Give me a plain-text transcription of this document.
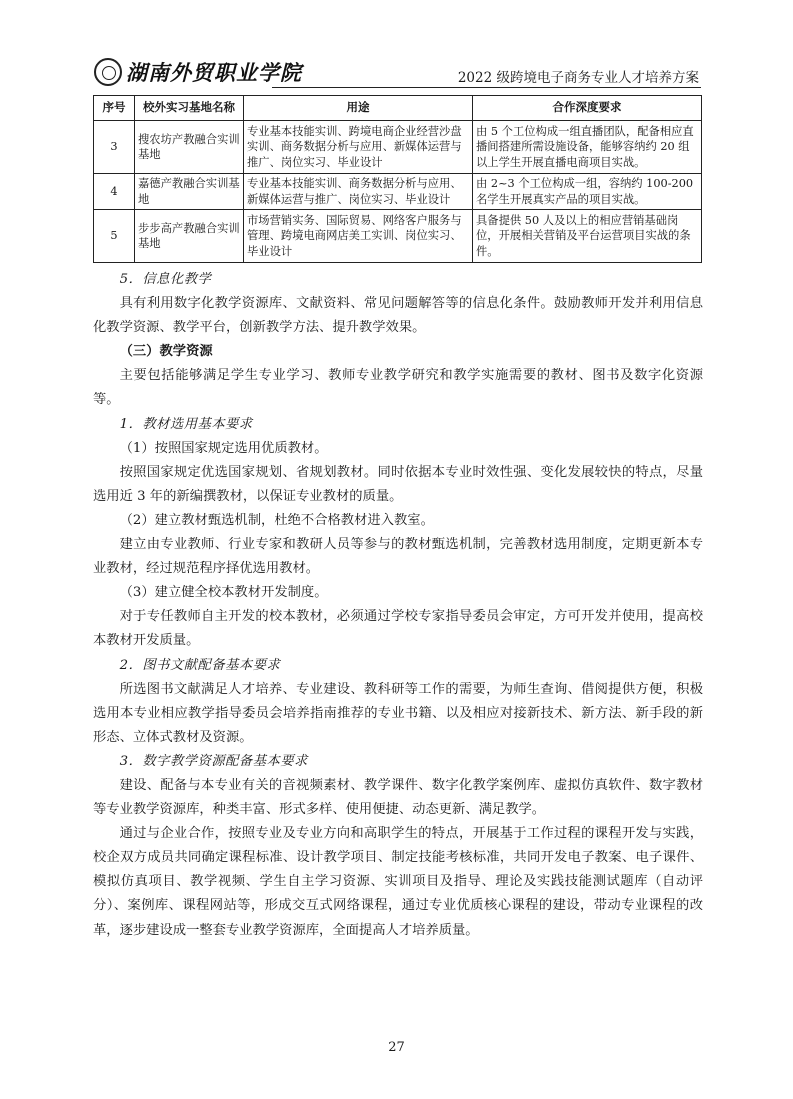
湖南外贸职业学院	2022 级跨境电子商务专业人才培养方案
序号	校外实习基地名称	用途	合作深度要求
3	搜农坊产教融合实训基地	专业基本技能实训、跨境电商企业经营沙盘实训、商务数据分析与应用、新媒体运营与推广、岗位实习、毕业设计	由 5 个工位构成一组直播团队，配备相应直播间搭建所需设施设备，能够容纳约 20 组以上学生开展直播电商项目实战。
4	嘉德产教融合实训基地	专业基本技能实训、商务数据分析与应用、新媒体运营与推广、岗位实习、毕业设计	由 2~3 个工位构成一组，容纳约 100-200 名学生开展真实产品的项目实战。
5	步步高产教融合实训基地	市场营销实务、国际贸易、网络客户服务与管理、跨境电商网店美工实训、岗位实习、毕业设计	具备提供 50 人及以上的相应营销基础岗位，开展相关营销及平台运营项目实战的条件。

5．信息化教学

具有利用数字化教学资源库、文献资料、常见问题解答等的信息化条件。鼓励教师开发并利用信息化教学资源、教学平台，创新教学方法、提升教学效果。

（三）教学资源

主要包括能够满足学生专业学习、教师专业教学研究和教学实施需要的教材、图书及数字化资源等。

1．教材选用基本要求

（1）按照国家规定选用优质教材。

按照国家规定优选国家规划、省规划教材。同时依据本专业时效性强、变化发展较快的特点，尽量选用近 3 年的新编撰教材，以保证专业教材的质量。

（2）建立教材甄选机制，杜绝不合格教材进入教室。

建立由专业教师、行业专家和教研人员等参与的教材甄选机制，完善教材选用制度，定期更新本专业教材，经过规范程序择优选用教材。

（3）建立健全校本教材开发制度。

对于专任教师自主开发的校本教材，必须通过学校专家指导委员会审定，方可开发并使用，提高校本教材开发质量。

2．图书文献配备基本要求

所选图书文献满足人才培养、专业建设、教科研等工作的需要，为师生查询、借阅提供方便，积极选用本专业相应教学指导委员会培养指南推荐的专业书籍、以及相应对接新技术、新方法、新手段的新形态、立体式教材及资源。

3．数字教学资源配备基本要求

建设、配备与本专业有关的音视频素材、教学课件、数字化教学案例库、虚拟仿真软件、数字教材等专业教学资源库，种类丰富、形式多样、使用便捷、动态更新、满足教学。

通过与企业合作，按照专业及专业方向和高职学生的特点，开展基于工作过程的课程开发与实践，校企双方成员共同确定课程标准、设计教学项目、制定技能考核标准，共同开发电子教案、电子课件、模拟仿真项目、教学视频、学生自主学习资源、实训项目及指导、理论及实践技能测试题库（自动评分）、案例库、课程网站等，形成交互式网络课程，通过专业优质核心课程的建设，带动专业课程的改革，逐步建设成一整套专业教学资源库，全面提高人才培养质量。

27
